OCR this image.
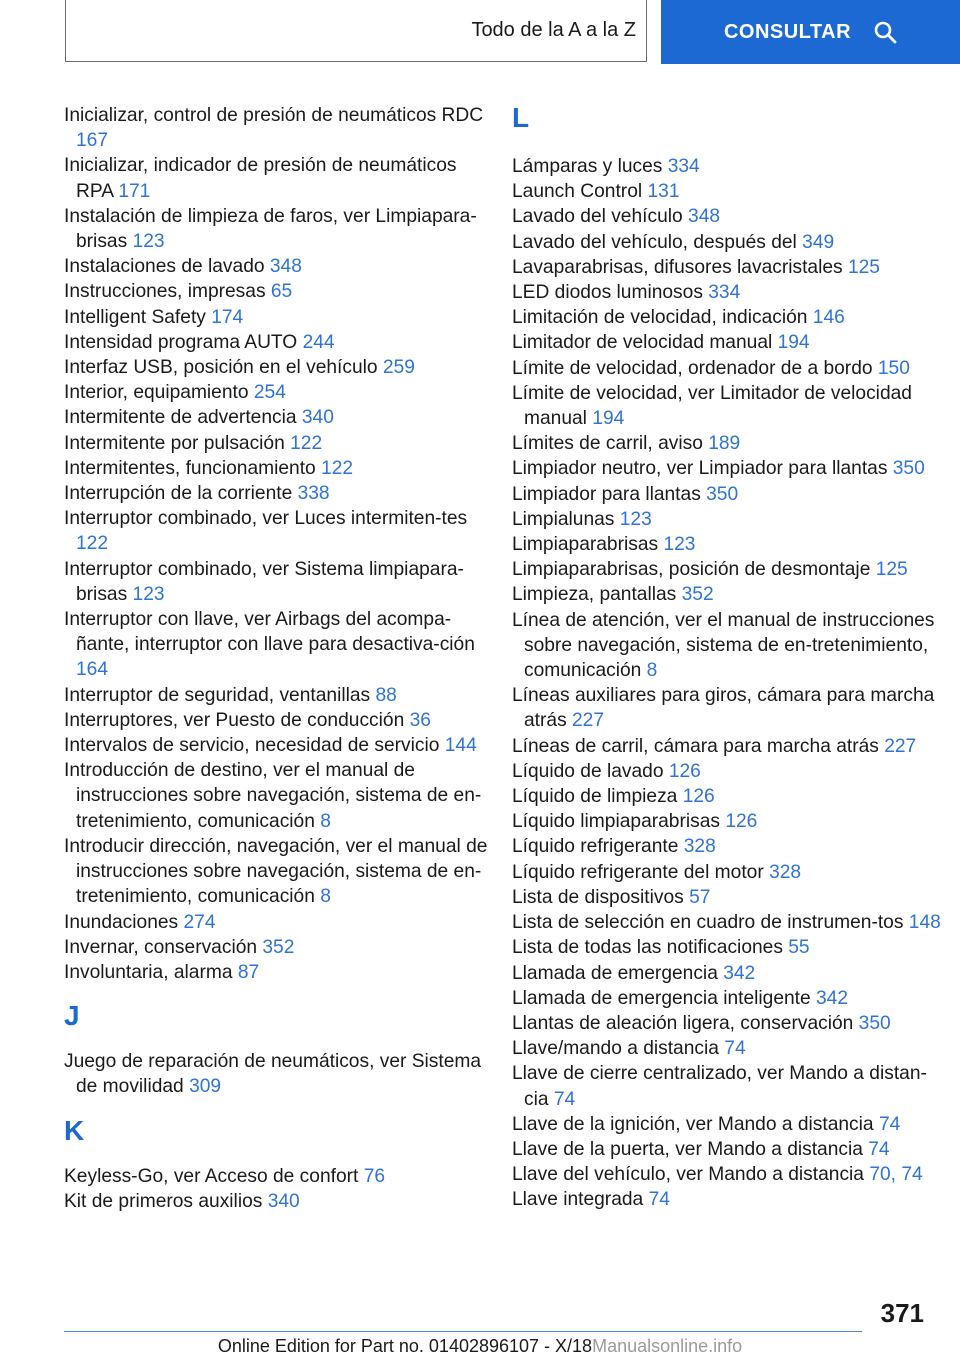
Todo de la A a la Z	CONSULTAR
Inicializar, control de presión de neumáticos RDC 167
Inicializar, indicador de presión de neumáticos RPA 171
Instalación de limpieza de faros, ver Limpiapara-brisas 123
Instalaciones de lavado 348
Instrucciones, impresas 65
Intelligent Safety 174
Intensidad programa AUTO 244
Interfaz USB, posición en el vehículo 259
Interior, equipamiento 254
Intermitente de advertencia 340
Intermitente por pulsación 122
Intermitentes, funcionamiento 122
Interrupción de la corriente 338
Interruptor combinado, ver Luces intermiten-tes 122
Interruptor combinado, ver Sistema limpiapara-brisas 123
Interruptor con llave, ver Airbags del acompa-ñante, interruptor con llave para desactiva-ción 164
Interruptor de seguridad, ventanillas 88
Interruptores, ver Puesto de conducción 36
Intervalos de servicio, necesidad de servicio 144
Introducción de destino, ver el manual de instrucciones sobre navegación, sistema de en-tretenimiento, comunicación 8
Introducir dirección, navegación, ver el manual de instrucciones sobre navegación, sistema de en-tretenimiento, comunicación 8
Inundaciones 274
Invernar, conservación 352
Involuntaria, alarma 87
J
Juego de reparación de neumáticos, ver Sistema de movilidad 309
K
Keyless-Go, ver Acceso de confort 76
Kit de primeros auxilios 340
L
Lámparas y luces 334
Launch Control 131
Lavado del vehículo 348
Lavado del vehículo, después del 349
Lavaparabrisas, difusores lavacristales 125
LED diodos luminosos 334
Limitación de velocidad, indicación 146
Limitador de velocidad manual 194
Límite de velocidad, ordenador de a bordo 150
Límite de velocidad, ver Limitador de velocidad manual 194
Límites de carril, aviso 189
Limpiador neutro, ver Limpiador para llantas 350
Limpiador para llantas 350
Limpialunas 123
Limpiaparabrisas 123
Limpiaparabrisas, posición de desmontaje 125
Limpieza, pantallas 352
Línea de atención, ver el manual de instrucciones sobre navegación, sistema de en-tretenimiento, comunicación 8
Líneas auxiliares para giros, cámara para marcha atrás 227
Líneas de carril, cámara para marcha atrás 227
Líquido de lavado 126
Líquido de limpieza 126
Líquido limpiaparabrisas 126
Líquido refrigerante 328
Líquido refrigerante del motor 328
Lista de dispositivos 57
Lista de selección en cuadro de instrumen-tos 148
Lista de todas las notificaciones 55
Llamada de emergencia 342
Llamada de emergencia inteligente 342
Llantas de aleación ligera, conservación 350
Llave/mando a distancia 74
Llave de cierre centralizado, ver Mando a distan-cia 74
Llave de la ignición, ver Mando a distancia 74
Llave de la puerta, ver Mando a distancia 74
Llave del vehículo, ver Mando a distancia 70, 74
Llave integrada 74
371
Online Edition for Part no. 01402896107 - X/18Manualsonline.info
